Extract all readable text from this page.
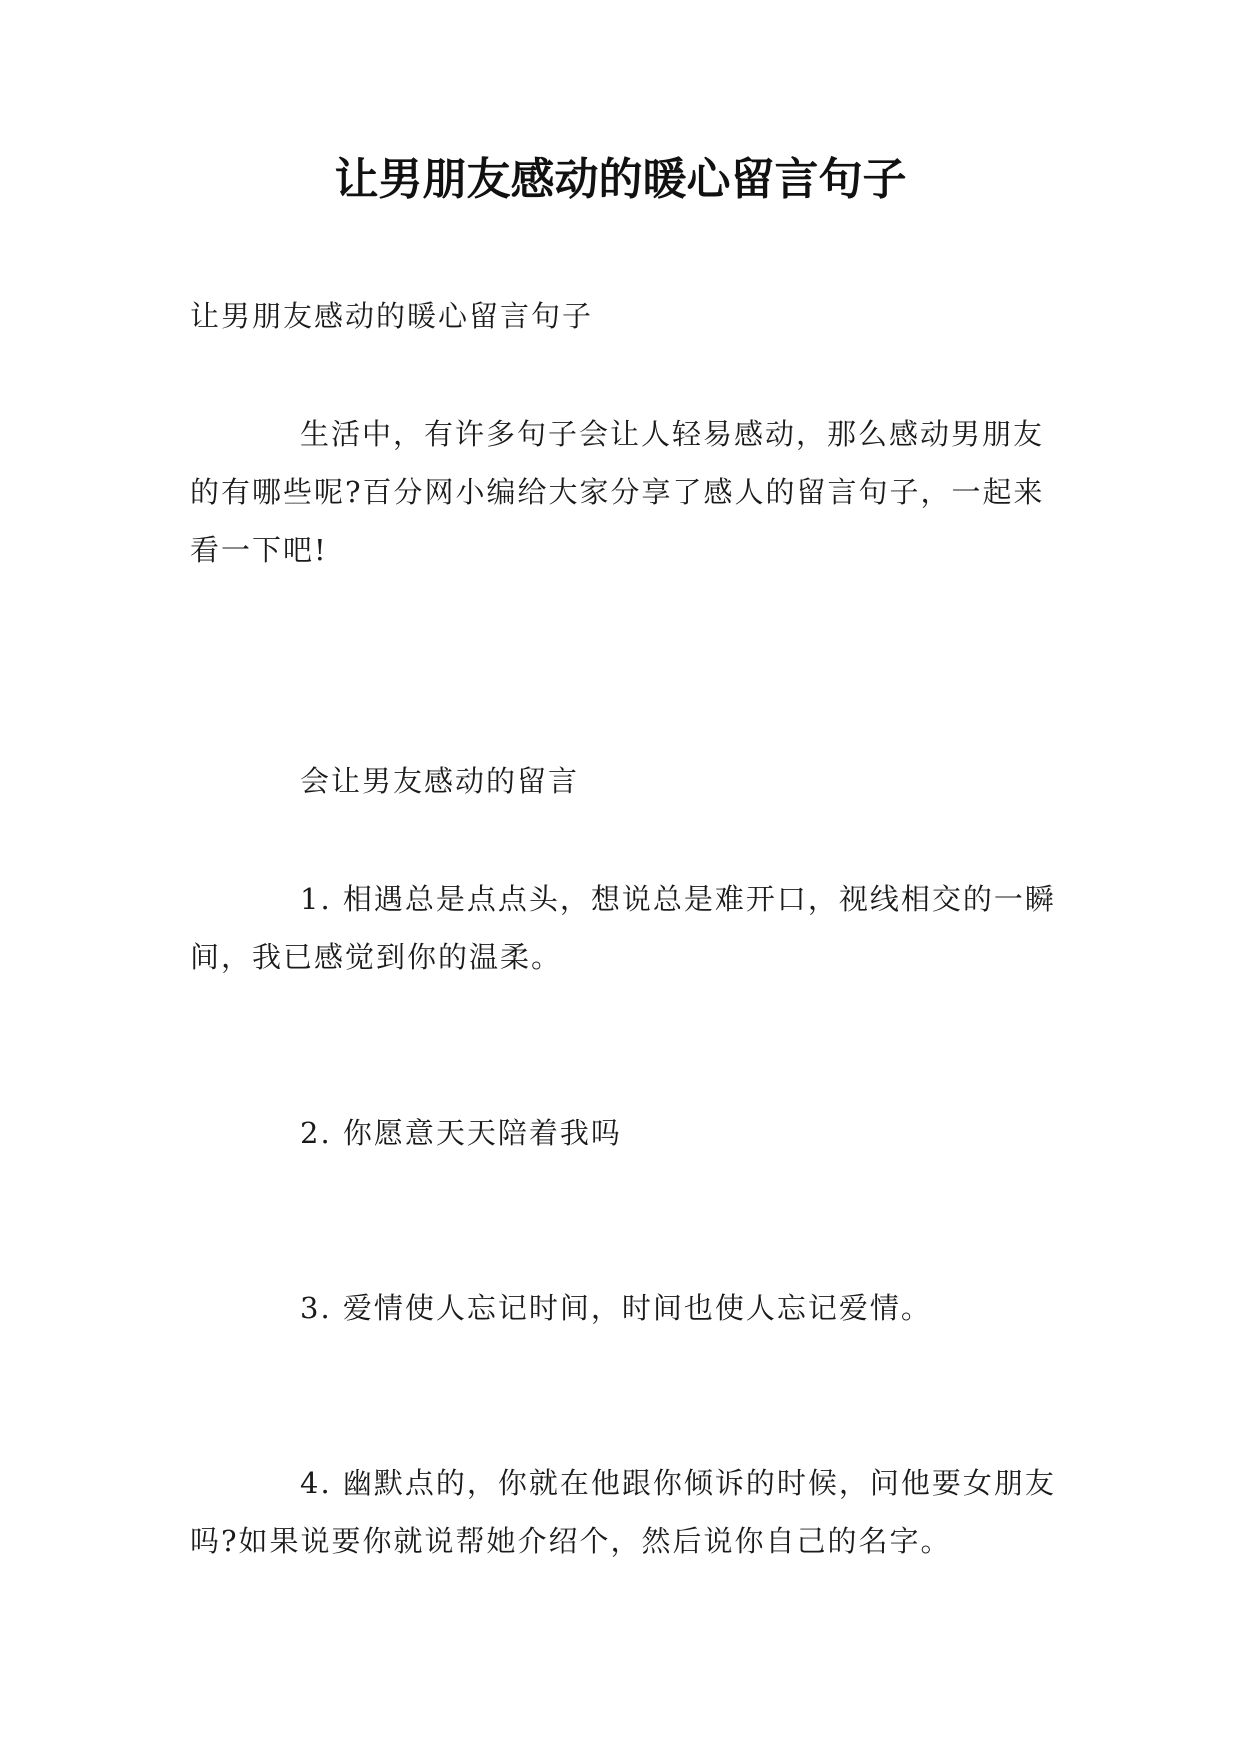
让男朋友感动的暖心留言句子

让男朋友感动的暖心留言句子

生活中，有许多句子会让人轻易感动，那么感动男朋友的有哪些呢?百分网小编给大家分享了感人的留言句子，一起来看一下吧!

会让男友感动的留言

1. 相遇总是点点头，想说总是难开口，视线相交的一瞬间，我已感觉到你的温柔。

2. 你愿意天天陪着我吗

3. 爱情使人忘记时间，时间也使人忘记爱情。

4. 幽默点的，你就在他跟你倾诉的时候，问他要女朋友吗?如果说要你就说帮她介绍个，然后说你自己的名字。
